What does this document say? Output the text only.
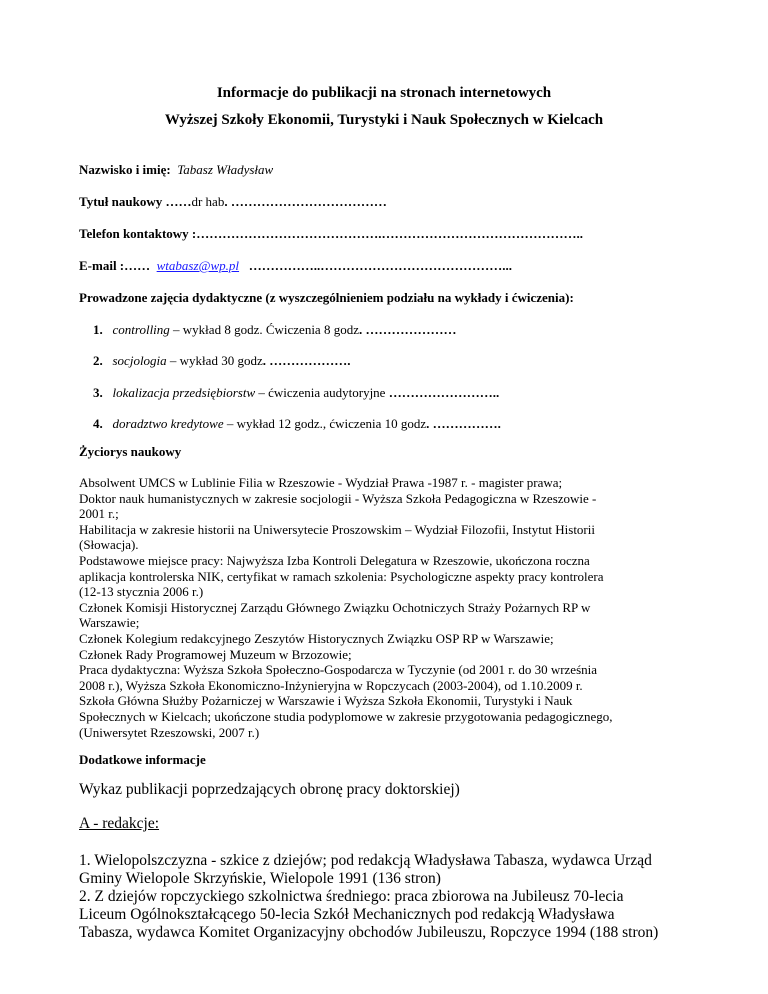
Informacje do publikacji na stronach internetowych
Wyższej Szkoły Ekonomii, Turystyki i Nauk Społecznych w Kielcach
Nazwisko i imię: Tabasz Władysław
Tytuł naukowy ……dr hab. ………………………………
Telefon kontaktowy :…………………………………….………………………………………..
E-mail :…… wtabasz@wp.pl ……………..……………………………………...
Prowadzone zajęcia dydaktyczne (z wyszczególnieniem podziału na wykłady i ćwiczenia):
1. controlling – wykład 8 godz. Ćwiczenia 8 godz. …………………
2. socjologia – wykład 30 godz. ……………….
3. lokalizacja przedsiębiorstw – ćwiczenia audytoryjne ……………………..
4. doradztwo kredytowe – wykład 12 godz., ćwiczenia 10 godz. …………….
Życiorys naukowy
Absolwent UMCS w Lublinie Filia w Rzeszowie - Wydział Prawa -1987 r. - magister prawa;
Doktor nauk humanistycznych w zakresie socjologii - Wyższa Szkoła Pedagogiczna w Rzeszowie -
2001 r.;
Habilitacja w zakresie historii na Uniwersytecie Proszowskim – Wydział Filozofii, Instytut Historii
(Słowacja).
Podstawowe miejsce pracy: Najwyższa Izba Kontroli Delegatura w Rzeszowie, ukończona roczna
aplikacja kontrolerska NIK, certyfikat w ramach szkolenia: Psychologiczne aspekty pracy kontrolera
(12-13 stycznia 2006 r.)
Członek Komisji Historycznej Zarządu Głównego Związku Ochotniczych Straży Pożarnych RP w
Warszawie;
Członek Kolegium redakcyjnego Zeszytów Historycznych Związku OSP RP w Warszawie;
Członek Rady Programowej Muzeum w Brzozowie;
Praca dydaktyczna: Wyższa Szkoła Społeczno-Gospodarcza w Tyczynie (od 2001 r. do 30 września
2008 r.), Wyższa Szkoła Ekonomiczno-Inżynieryjna w Ropczycach (2003-2004), od 1.10.2009 r.
Szkoła Główna Służby Pożarniczej w Warszawie i Wyższa Szkoła Ekonomii, Turystyki i Nauk
Społecznych w Kielcach; ukończone studia podyplomowe w zakresie przygotowania pedagogicznego,
(Uniwersytet Rzeszowski, 2007 r.)
Dodatkowe informacje
Wykaz publikacji poprzedzających obronę pracy doktorskiej)
A - redakcje:
1. Wielopolszczyzna - szkice z dziejów; pod redakcją Władysława Tabasza, wydawca Urząd
Gminy Wielopole Skrzyńskie, Wielopole 1991 (136 stron)
2. Z dziejów ropczyckiego szkolnictwa średniego: praca zbiorowa na Jubileusz 70-lecia
Liceum Ogólnokształcącego 50-lecia Szkół Mechanicznych pod redakcją Władysława
Tabasza, wydawca Komitet Organizacyjny obchodów Jubileuszu, Ropczyce 1994 (188 stron)
